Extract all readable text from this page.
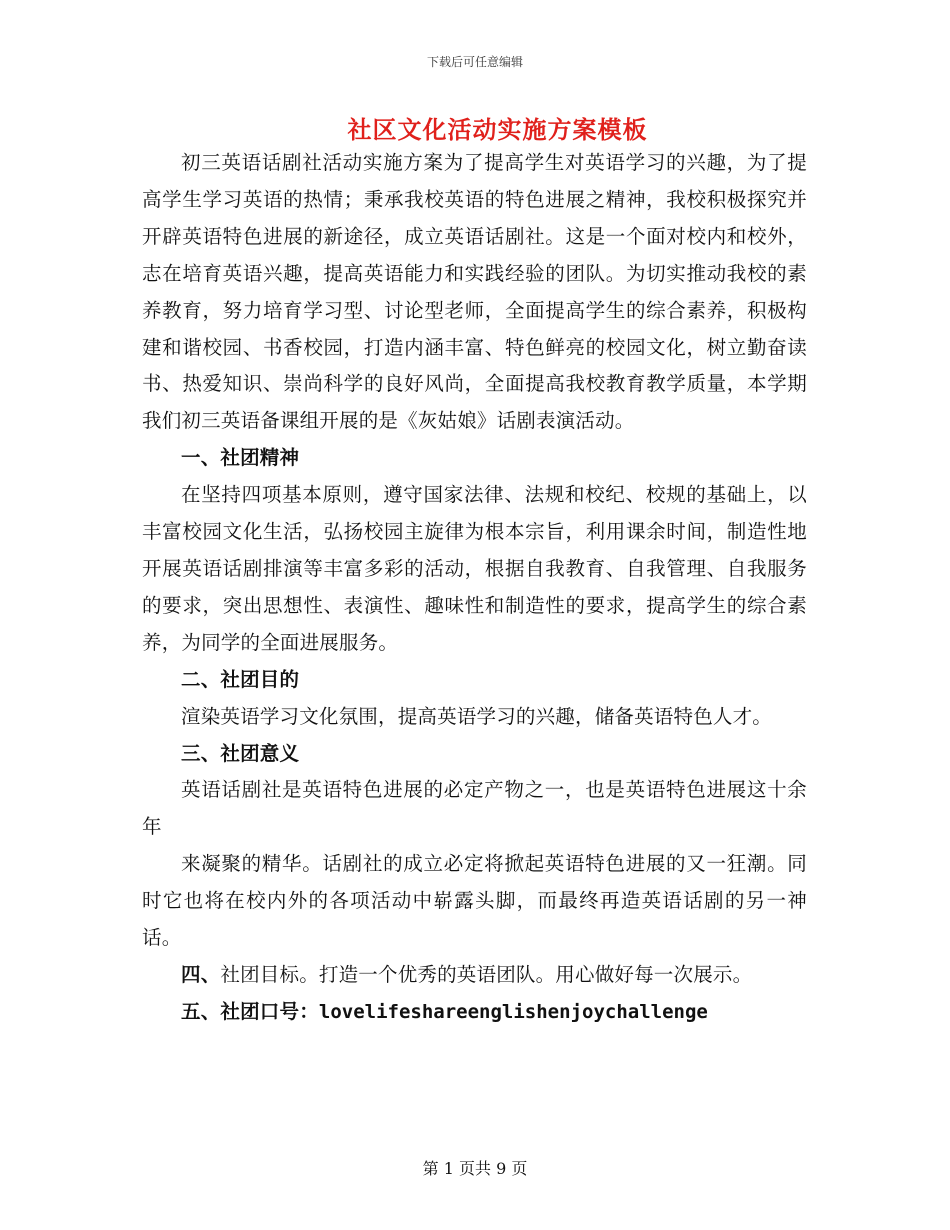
下载后可任意编辑
社区文化活动实施方案模板

初三英语话剧社活动实施方案为了提高学生对英语学习的兴趣，为了提高学生学习英语的热情；秉承我校英语的特色进展之精神，我校积极探究并开辟英语特色进展的新途径，成立英语话剧社。这是一个面对校内和校外，志在培育英语兴趣，提高英语能力和实践经验的团队。为切实推动我校的素养教育，努力培育学习型、讨论型老师，全面提高学生的综合素养，积极构建和谐校园、书香校园，打造内涵丰富、特色鲜亮的校园文化，树立勤奋读书、热爱知识、崇尚科学的良好风尚，全面提高我校教育教学质量，本学期我们初三英语备课组开展的是《灰姑娘》话剧表演活动。

一、社团精神

在坚持四项基本原则，遵守国家法律、法规和校纪、校规的基础上，以丰富校园文化生活，弘扬校园主旋律为根本宗旨，利用课余时间，制造性地开展英语话剧排演等丰富多彩的活动，根据自我教育、自我管理、自我服务的要求，突出思想性、表演性、趣味性和制造性的要求，提高学生的综合素养，为同学的全面进展服务。

二、社团目的

渲染英语学习文化氛围，提高英语学习的兴趣，储备英语特色人才。

三、社团意义

英语话剧社是英语特色进展的必定产物之一，也是英语特色进展这十余年

来凝聚的精华。话剧社的成立必定将掀起英语特色进展的又一狂潮。同时它也将在校内外的各项活动中崭露头脚，而最终再造英语话剧的另一神话。

四、社团目标。打造一个优秀的英语团队。用心做好每一次展示。

五、社团口号：lovelifeshareenglishenjoychallenge

第 1 页共 9 页
